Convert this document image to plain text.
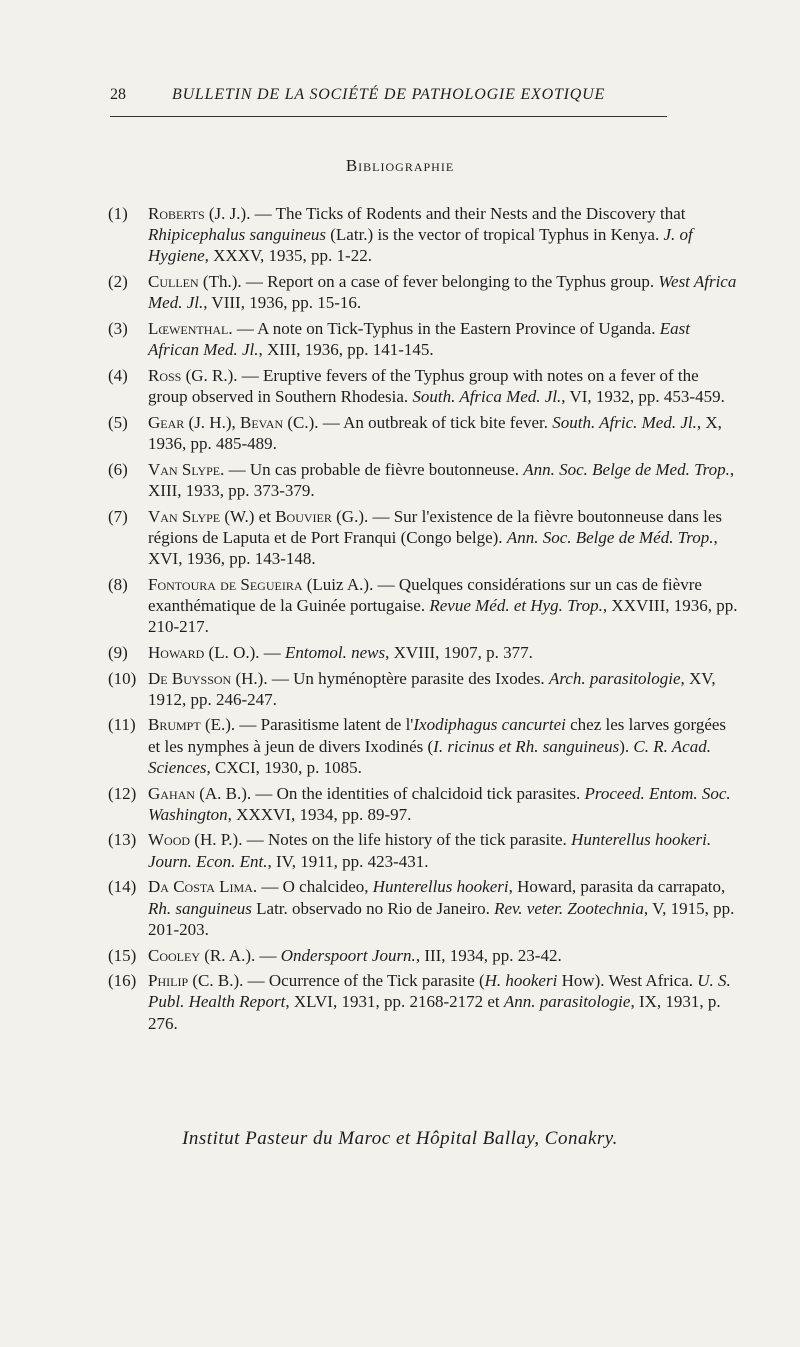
28	BULLETIN DE LA SOCIÉTÉ DE PATHOLOGIE EXOTIQUE
Bibliographie
(1) Roberts (J. J.). — The Ticks of Rodents and their Nests and the Discovery that Rhipicephalus sanguineus (Latr.) is the vector of tropical Typhus in Kenya. J. of Hygiene, XXXV, 1935, pp. 1-22.
(2) Cullen (Th.). — Report on a case of fever belonging to the Typhus group. West Africa Med. Jl., VIII, 1936, pp. 15-16.
(3) Lœwenthal. — A note on Tick-Typhus in the Eastern Province of Uganda. East African Med. Jl., XIII, 1936, pp. 141-145.
(4) Ross (G. R.). — Eruptive fevers of the Typhus group with notes on a fever of the group observed in Southern Rhodesia. South. Africa Med. Jl., VI, 1932, pp. 453-459.
(5) Gear (J. H.), Bevan (C.). — An outbreak of tick bite fever. South. Afric. Med. Jl., X, 1936, pp. 485-489.
(6) Van Slype. — Un cas probable de fièvre boutonneuse. Ann. Soc. Belge de Med. Trop., XIII, 1933, pp. 373-379.
(7) Van Slype (W.) et Bouvier (G.). — Sur l'existence de la fièvre boutonneuse dans les régions de Laputa et de Port Franqui (Congo belge). Ann. Soc. Belge de Méd. Trop., XVI, 1936, pp. 143-148.
(8) Fontoura de Segueira (Luiz A.). — Quelques considérations sur un cas de fièvre exanthématique de la Guinée portugaise. Revue Méd. et Hyg. Trop., XXVIII, 1936, pp. 210-217.
(9) Howard (L. O.). — Entomol. news, XVIII, 1907, p. 377.
(10) De Buysson (H.). — Un hyménoptère parasite des Ixodes. Arch. parasitologie, XV, 1912, pp. 246-247.
(11) Brumpt (E.). — Parasitisme latent de l'Ixodiphagus cancurtei chez les larves gorgées et les nymphes à jeun de divers Ixodinés (I. ricinus et Rh. sanguineus). C. R. Acad. Sciences, CXCI, 1930, p. 1085.
(12) Gahan (A. B.). — On the identities of chalcidoid tick parasites. Proceed. Entom. Soc. Washington, XXXVI, 1934, pp. 89-97.
(13) Wood (H. P.). — Notes on the life history of the tick parasite. Hunterellus hookeri. Journ. Econ. Ent., IV, 1911, pp. 423-431.
(14) Da Costa Lima. — O chalcideo, Hunterellus hookeri, Howard, parasita da carrapato, Rh. sanguineus Latr. observado no Rio de Janeiro. Rev. veter. Zootechnia, V, 1915, pp. 201-203.
(15) Cooley (R. A.). — Onderspoort Journ., III, 1934, pp. 23-42.
(16) Philip (C. B.). — Ocurrence of the Tick parasite (H. hookeri How). West Africa. U. S. Publ. Health Report, XLVI, 1931, pp. 2168-2172 et Ann. parasitologie, IX, 1931, p. 276.
Institut Pasteur du Maroc et Hôpital Ballay, Conakry.
